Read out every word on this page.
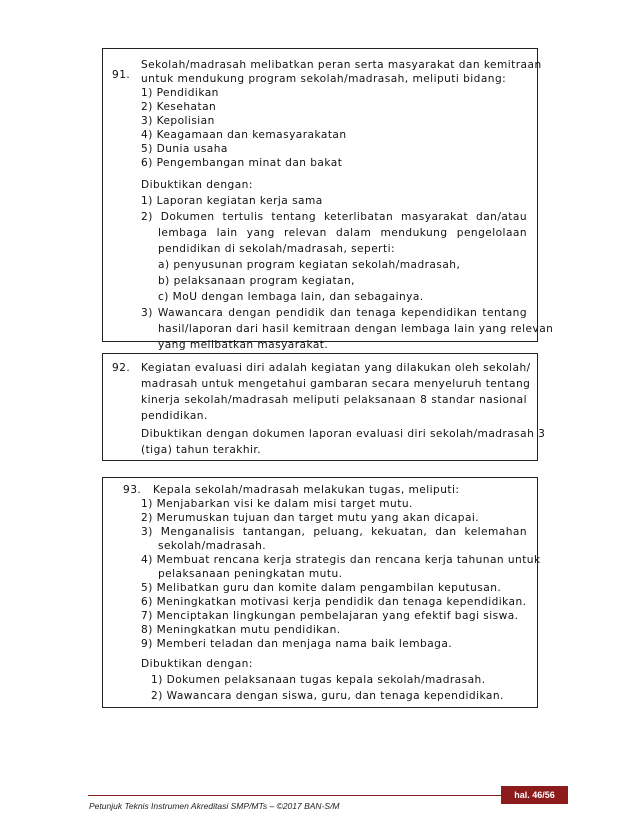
91.
Sekolah/madrasah melibatkan peran serta masyarakat dan kemitraan
untuk mendukung program sekolah/madrasah, meliputi bidang:
1) Pendidikan
2) Kesehatan
3) Kepolisian
4) Keagamaan dan kemasyarakatan
5) Dunia usaha
6) Pengembangan minat dan bakat
Dibuktikan dengan:
1) Laporan kegiatan kerja sama
2) Dokumen tertulis tentang keterlibatan masyarakat dan/atau
lembaga lain yang relevan dalam mendukung pengelolaan
pendidikan di sekolah/madrasah, seperti:
a) penyusunan program kegiatan sekolah/madrasah,
b) pelaksanaan program kegiatan,
c) MoU dengan lembaga lain, dan sebagainya.
3) Wawancara dengan pendidik dan tenaga kependidikan tentang
hasil/laporan dari hasil kemitraan dengan lembaga lain yang relevan
yang melibatkan masyarakat.
92. Kegiatan evaluasi diri adalah kegiatan yang dilakukan oleh sekolah/
madrasah untuk mengetahui gambaran secara menyeluruh tentang
kinerja sekolah/madrasah meliputi pelaksanaan 8 standar nasional
pendidikan.
Dibuktikan dengan dokumen laporan evaluasi diri sekolah/madrasah 3
(tiga) tahun terakhir.
93.	Kepala sekolah/madrasah melakukan tugas, meliputi:
1) Menjabarkan visi ke dalam misi target mutu.
2) Merumuskan tujuan dan target mutu yang akan dicapai.
3) Menganalisis tantangan, peluang, kekuatan, dan kelemahan
sekolah/madrasah.
4) Membuat rencana kerja strategis dan rencana kerja tahunan untuk
pelaksanaan peningkatan mutu.
5) Melibatkan guru dan komite dalam pengambilan keputusan.
6) Meningkatkan motivasi kerja pendidik dan tenaga kependidikan.
7) Menciptakan lingkungan pembelajaran yang efektif bagi siswa.
8) Meningkatkan mutu pendidikan.
9) Memberi teladan dan menjaga nama baik lembaga.
Dibuktikan dengan:
1) Dokumen pelaksanaan tugas kepala sekolah/madrasah.
2) Wawancara dengan siswa, guru, dan tenaga kependidikan.
hal. 46/56
Petunjuk Teknis Instrumen Akreditasi SMP/MTs – ©2017 BAN-S/M
